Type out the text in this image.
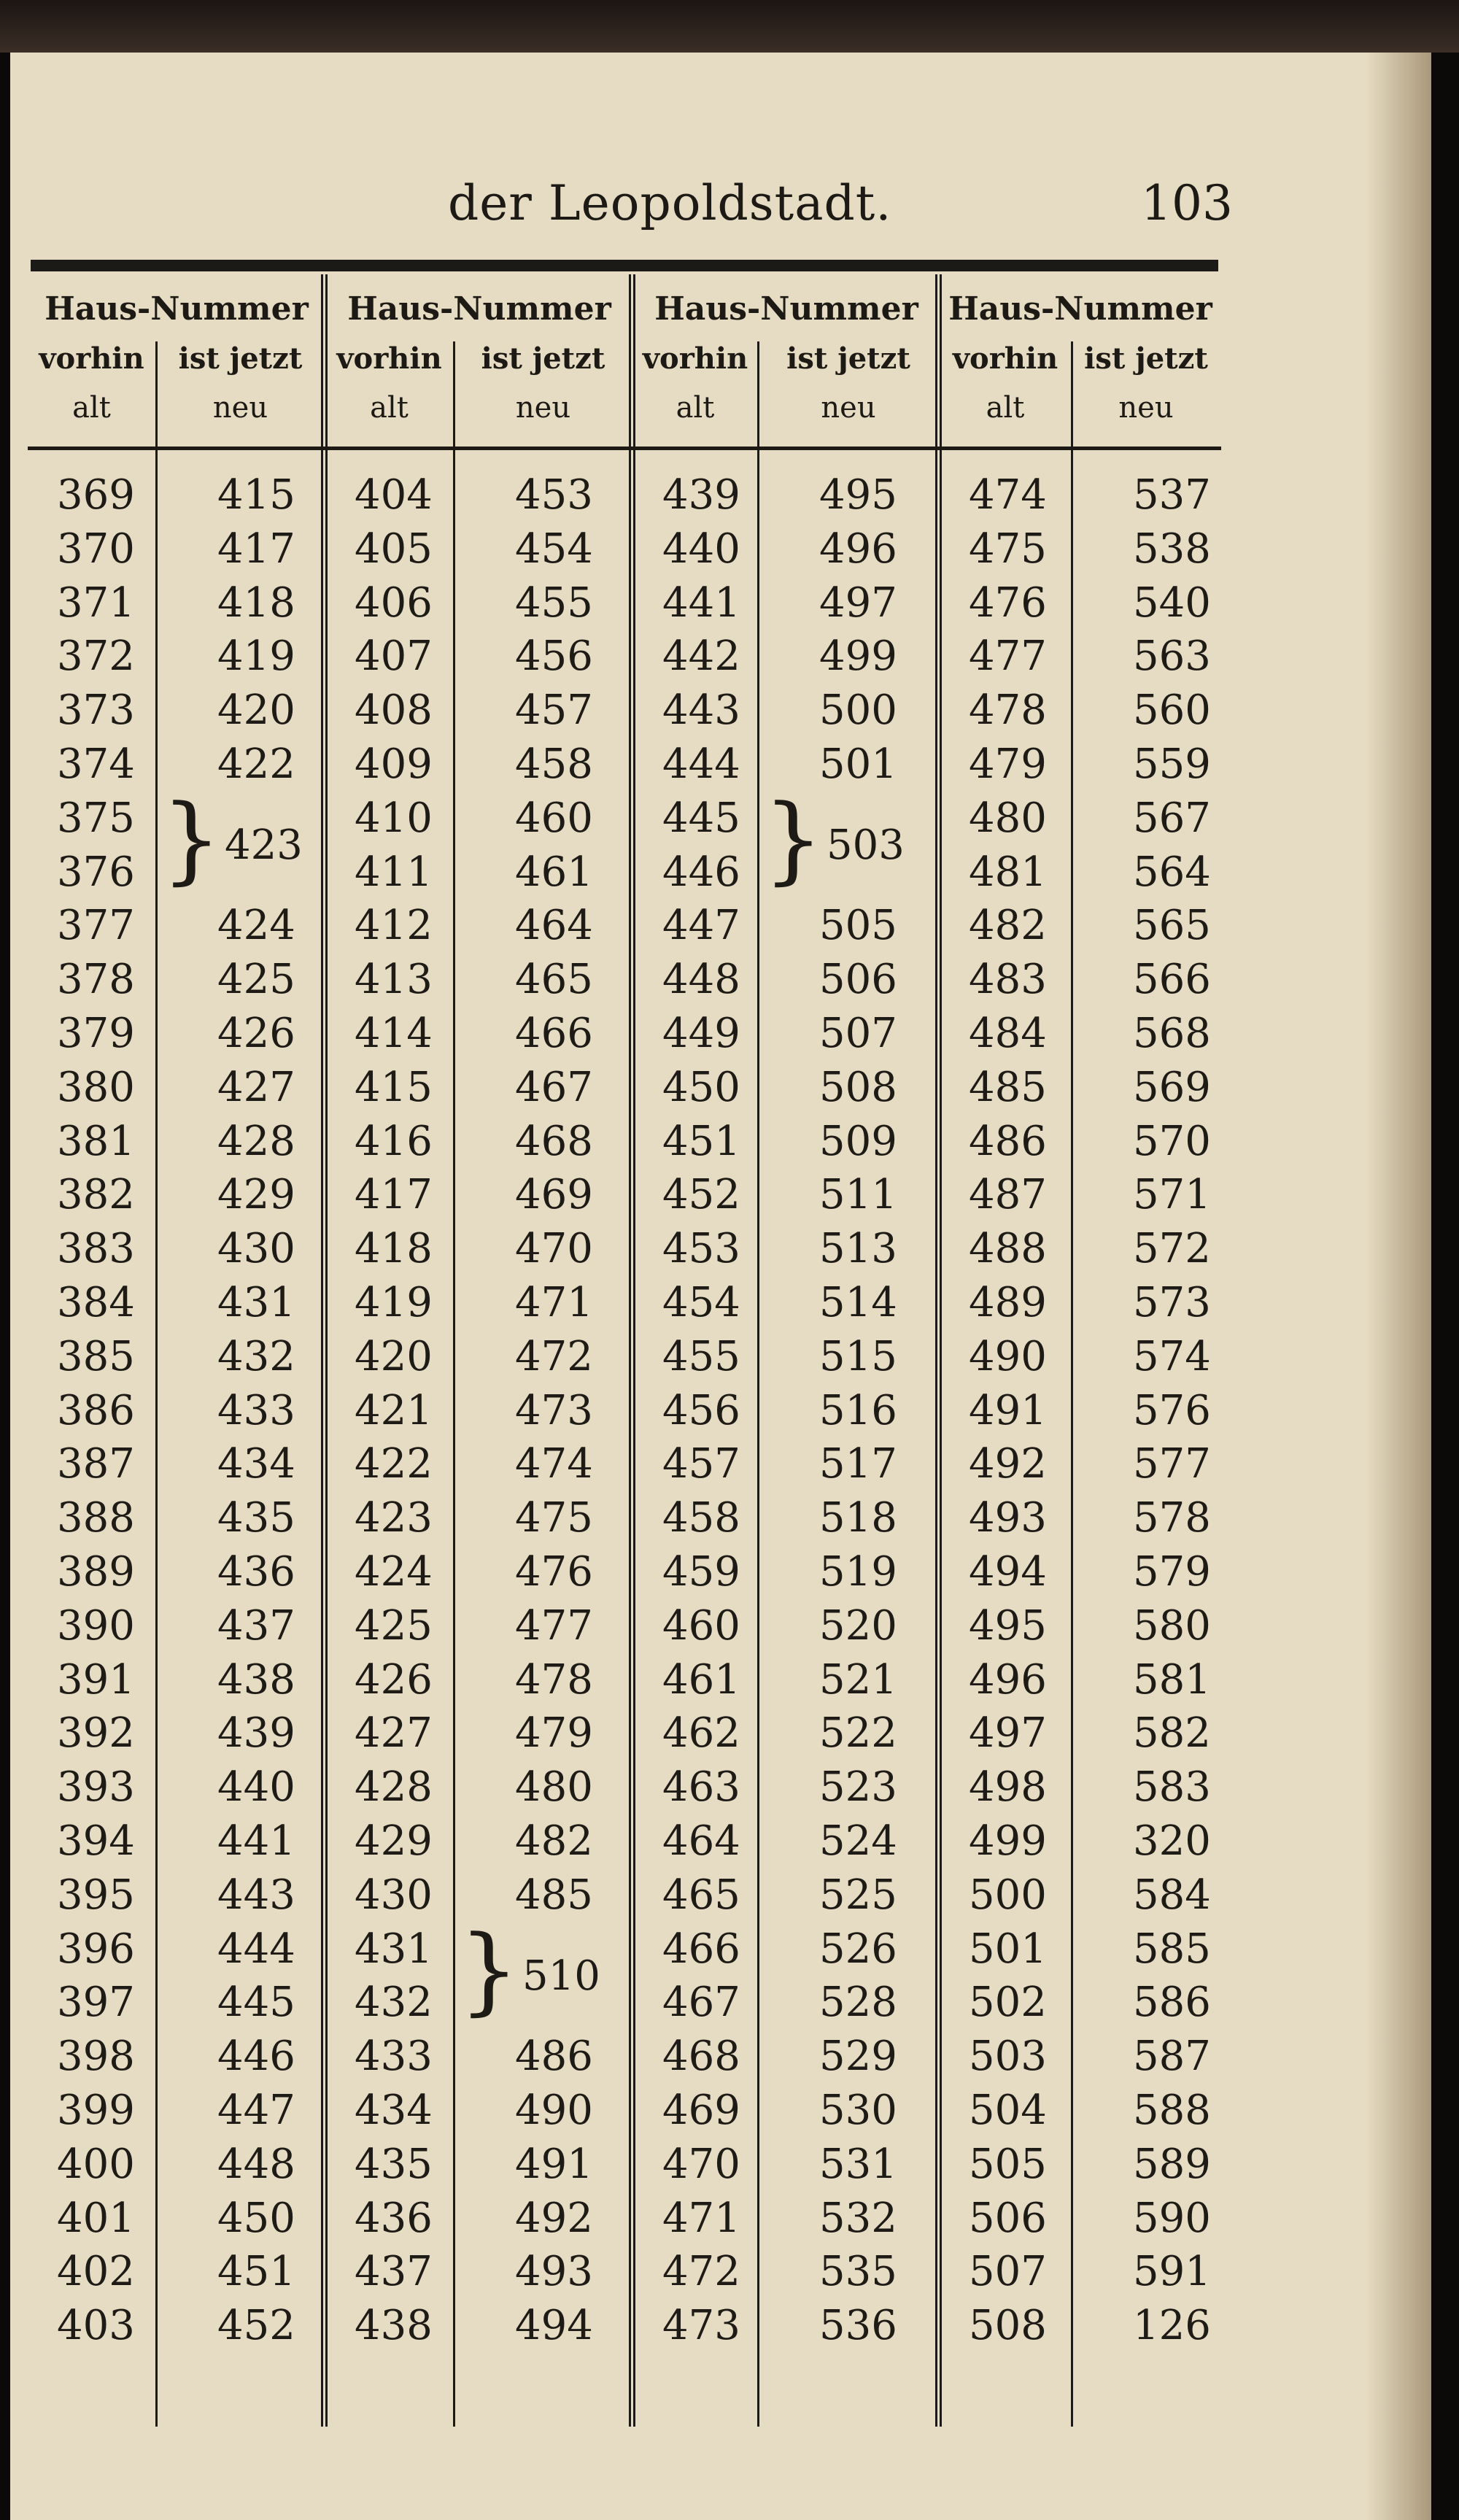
der Leopoldstadt.	103
Haus-Nummer
vorhin
alt
ist jetzt
neu
369
370
371
372
373
374
375
376
377
378
379
380
381
382
383
384
385
386
387
388
389
390
391
392
393
394
395
396
397
398
399
400
401
402
403
415
417
418
419
420
422
423
424
425
426
427
428
429
430
431
432
433
434
435
436
437
438
439
440
441
443
444
445
446
447
448
450
451
452
Haus-Nummer
vorhin
alt
ist jetzt
neu
404
405
406
407
408
409
410
411
412
413
414
415
416
417
418
419
420
421
422
423
424
425
426
427
428
429
430
431
432
433
434
435
436
437
438
453
454
455
456
457
458
460
461
464
465
466
467
468
469
470
471
472
473
474
475
476
477
478
479
480
482
485
510
486
490
491
492
493
494
Haus-Nummer
vorhin
alt
ist jetzt
neu
439
440
441
442
443
444
445
446
447
448
449
450
451
452
453
454
455
456
457
458
459
460
461
462
463
464
465
466
467
468
469
470
471
472
473
495
496
497
499
500
501
503
505
506
507
508
509
511
513
514
515
516
517
518
519
520
521
522
523
524
525
526
528
529
530
531
532
535
536
Haus-Nummer
vorhin
alt
ist jetzt
neu
474
475
476
477
478
479
480
481
482
483
484
485
486
487
488
489
490
491
492
493
494
495
496
497
498
499
500
501
502
503
504
505
506
507
508
537
538
540
563
560
559
567
564
565
566
568
569
570
571
572
573
574
576
577
578
579
580
581
582
583
320
584
585
586
587
588
589
590
591
126
}
}
}
